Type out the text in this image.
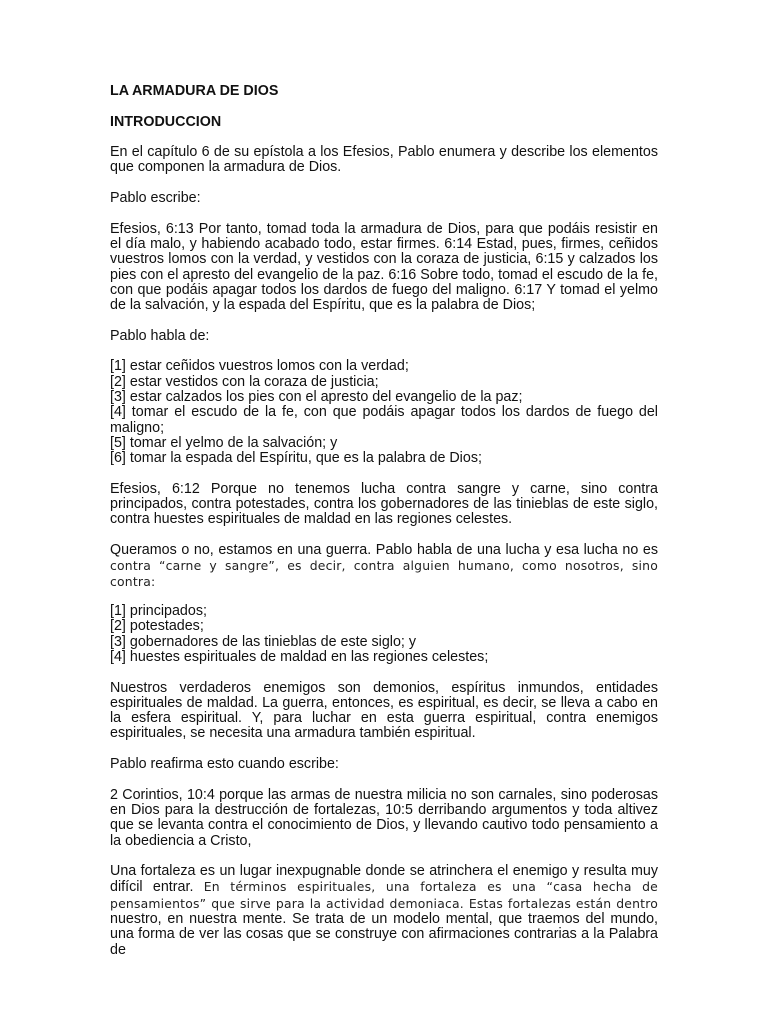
LA ARMADURA DE DIOS

INTRODUCCION

En el capítulo 6 de su epístola a los Efesios, Pablo enumera y describe los elementos que componen la armadura de Dios.

Pablo escribe:

Efesios, 6:13 Por tanto, tomad toda la armadura de Dios, para que podáis resistir en el día malo, y habiendo acabado todo, estar firmes. 6:14 Estad, pues, firmes, ceñidos vuestros lomos con la verdad, y vestidos con la coraza de justicia, 6:15 y calzados los pies con el apresto del evangelio de la paz. 6:16 Sobre todo, tomad el escudo de la fe, con que podáis apagar todos los dardos de fuego del maligno. 6:17 Y tomad el yelmo de la salvación, y la espada del Espíritu, que es la palabra de Dios;

Pablo habla de:

[1] estar ceñidos vuestros lomos con la verdad;
[2] estar vestidos con la coraza de justicia;
[3] estar calzados los pies con el apresto del evangelio de la paz;
[4] tomar el escudo de la fe, con que podáis apagar todos los dardos de fuego del maligno;
[5] tomar el yelmo de la salvación; y
[6] tomar la espada del Espíritu, que es la palabra de Dios;

Efesios, 6:12 Porque no tenemos lucha contra sangre y carne, sino contra principados, contra potestades, contra los gobernadores de las tinieblas de este siglo, contra huestes espirituales de maldad en las regiones celestes.

Queramos o no, estamos en una guerra. Pablo habla de una lucha y esa lucha no es
contra “carne y sangre”, es decir, contra alguien humano, como nosotros, sino contra:

[1] principados;
[2] potestades;
[3] gobernadores de las tinieblas de este siglo; y
[4] huestes espirituales de maldad en las regiones celestes;

Nuestros verdaderos enemigos son demonios, espíritus inmundos, entidades espirituales de maldad. La guerra, entonces, es espiritual, es decir, se lleva a cabo en la esfera espiritual. Y, para luchar en esta guerra espiritual, contra enemigos espirituales, se necesita una armadura también espiritual.

Pablo reafirma esto cuando escribe:

2 Corintios, 10:4 porque las armas de nuestra milicia no son carnales, sino poderosas en Dios para la destrucción de fortalezas, 10:5 derribando argumentos y toda altivez que se levanta contra el conocimiento de Dios, y llevando cautivo todo pensamiento a la obediencia a Cristo,

Una fortaleza es un lugar inexpugnable donde se atrinchera el enemigo y resulta muy difícil entrar. En términos espirituales, una fortaleza es una “casa hecha de pensamientos” que sirve para la actividad demoniaca. Estas fortalezas están dentro nuestro, en nuestra mente. Se trata de un modelo mental, que traemos del mundo, una forma de ver las cosas que se construye con afirmaciones contrarias a la Palabra de
